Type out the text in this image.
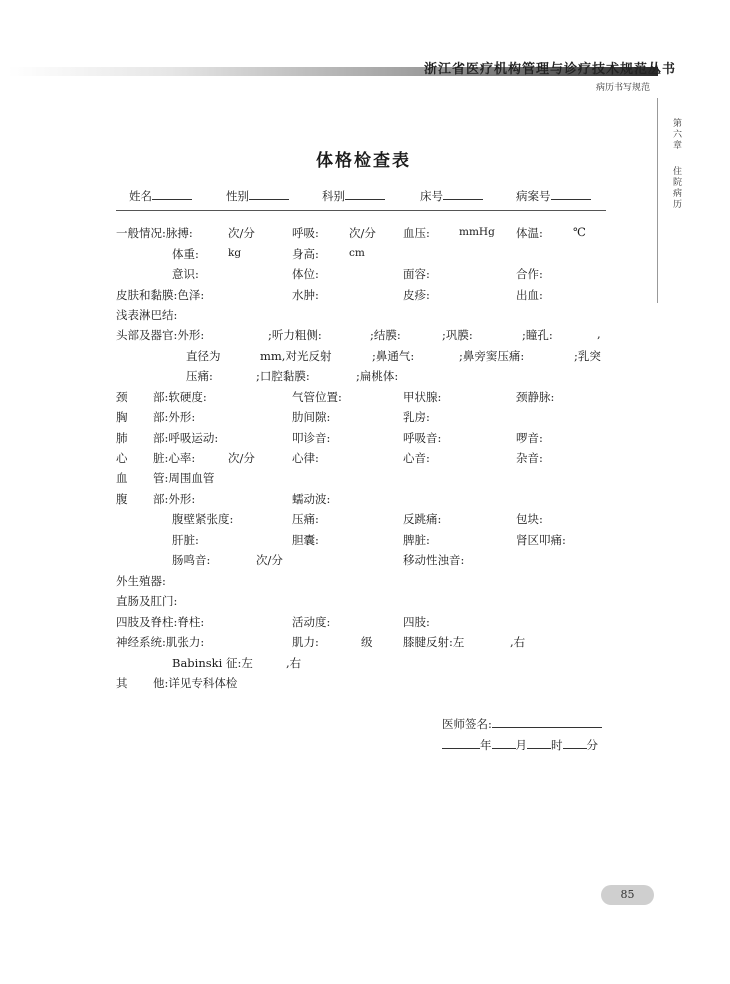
浙江省医疗机构管理与诊疗技术规范丛书
病历书写规范
第六章
住院病历
体格检查表
姓名	性别	科别	床号	病案号
一般情况:脉搏:	次/分	呼吸:	次/分 血压:	mmHg 体温:	℃
体重:	kg	身高:	cm
意识:	体位:	面容:	合作:
皮肤和黏膜:色泽:	水肿:	皮疹:	出血:
浅表淋巴结:
头部及器官:外形:	;听力粗侧:	;结膜:	;巩膜:	;瞳孔:	,
直径为	mm,对光反射	;鼻通气:	;鼻旁窦压痛:	;乳突
压痛:	;口腔黏膜:	;扁桃体:
颈 部:软硬度:	气管位置:	甲状腺:	颈静脉:
胸 部:外形:	肋间隙:	乳房:
肺 部:呼吸运动:	叩诊音:	呼吸音:	啰音:
心 脏:心率:	次/分	心律:	心音:	杂音:
血 管:周围血管
腹 部:外形:	蠕动波:
腹壁紧张度:	压痛:	反跳痛:	包块:
肝脏:	胆囊:	脾脏:	肾区叩痛:
肠鸣音:	次/分	移动性浊音:
外生殖器:
直肠及肛门:
四肢及脊柱:脊柱:	活动度:	四肢:
神经系统:肌张力:	肌力:	级	膝腱反射:左	,右
Babinski 征:左	,右
其 他:详见专科体检
医师签名:
年 月 时 分
85
